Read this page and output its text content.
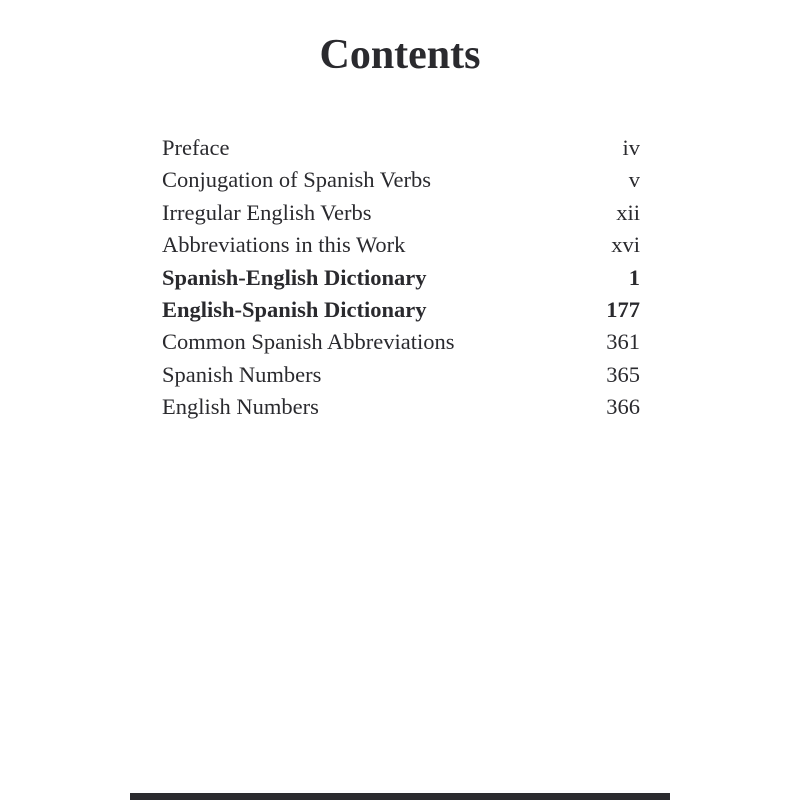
Contents
Preface	iv
Conjugation of Spanish Verbs	v
Irregular English Verbs	xii
Abbreviations in this Work	xvi
Spanish-English Dictionary	1
English-Spanish Dictionary	177
Common Spanish Abbreviations	361
Spanish Numbers	365
English Numbers	366
